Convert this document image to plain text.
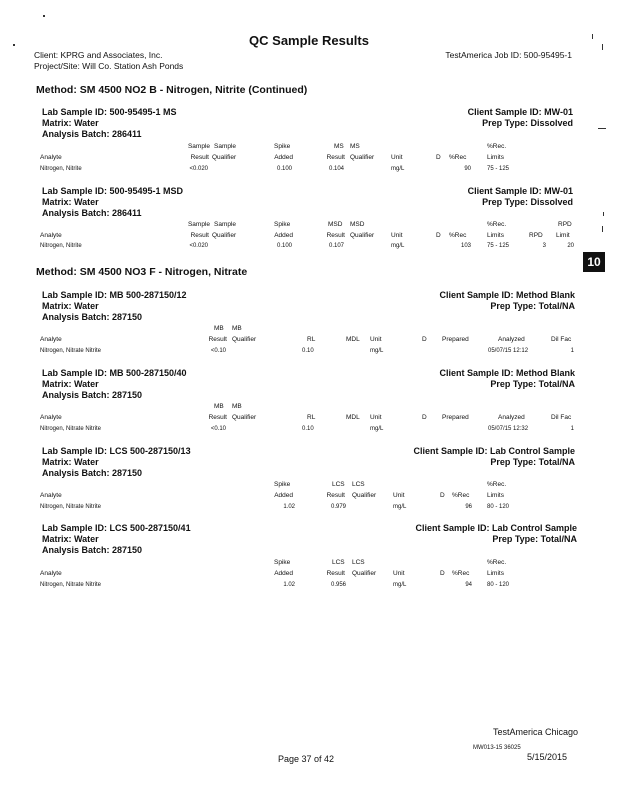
QC Sample Results
Client: KPRG and Associates, Inc.
Project/Site: Will Co. Station Ash Ponds
TestAmerica Job ID: 500-95495-1
10
Method: SM 4500 NO2 B - Nitrogen, Nitrite (Continued)
Lab Sample ID: 500-95495-1 MS
Matrix: Water
Analysis Batch: 286411
Client Sample ID: MW-01
Prep Type: Dissolved
Sample Sample	Spike	MS MS	%Rec.
Analyte	Result Qualifier	Added	Result Qualifier	Unit	D %Rec	Limits
Nitrogen, Nitrite	<0.020	0.100	0.104	mg/L	90	75 - 125
Lab Sample ID: 500-95495-1 MSD
Matrix: Water
Analysis Batch: 286411
Client Sample ID: MW-01
Prep Type: Dissolved
Sample Sample	Spike	MSD MSD	%Rec.	RPD
Analyte	Result Qualifier	Added	Result Qualifier	Unit	D %Rec	Limits	RPD Limit
Nitrogen, Nitrite	<0.020	0.100	0.107	mg/L	103	75 - 125	3	20
Method: SM 4500 NO3 F - Nitrogen, Nitrate
Lab Sample ID: MB 500-287150/12
Matrix: Water
Analysis Batch: 287150
Client Sample ID: Method Blank
Prep Type: Total/NA
MB MB
Analyte	Result Qualifier	RL	MDL Unit	D Prepared	Analyzed	Dil Fac
Nitrogen, Nitrate Nitrite	<0.10	0.10	mg/L	05/07/15 12:12	1
Lab Sample ID: MB 500-287150/40
Matrix: Water
Analysis Batch: 287150
Client Sample ID: Method Blank
Prep Type: Total/NA
MB MB
Analyte	Result Qualifier	RL	MDL Unit	D Prepared	Analyzed	Dil Fac
Nitrogen, Nitrate Nitrite	<0.10	0.10	mg/L	05/07/15 12:32	1
Lab Sample ID: LCS 500-287150/13
Matrix: Water
Analysis Batch: 287150
Client Sample ID: Lab Control Sample
Prep Type: Total/NA
Spike	LCS LCS	%Rec.
Analyte	Added	Result Qualifier	Unit	D %Rec	Limits
Nitrogen, Nitrate Nitrite	1.02	0.979	mg/L	96	80 - 120
Lab Sample ID: LCS 500-287150/41
Matrix: Water
Analysis Batch: 287150
Client Sample ID: Lab Control Sample
Prep Type: Total/NA
Spike	LCS LCS	%Rec.
Analyte	Added	Result Qualifier	Unit	D %Rec	Limits
Nitrogen, Nitrate Nitrite	1.02	0.956	mg/L	94	80 - 120
TestAmerica Chicago
MW013-15 36025
Page 37 of 42	5/15/2015
